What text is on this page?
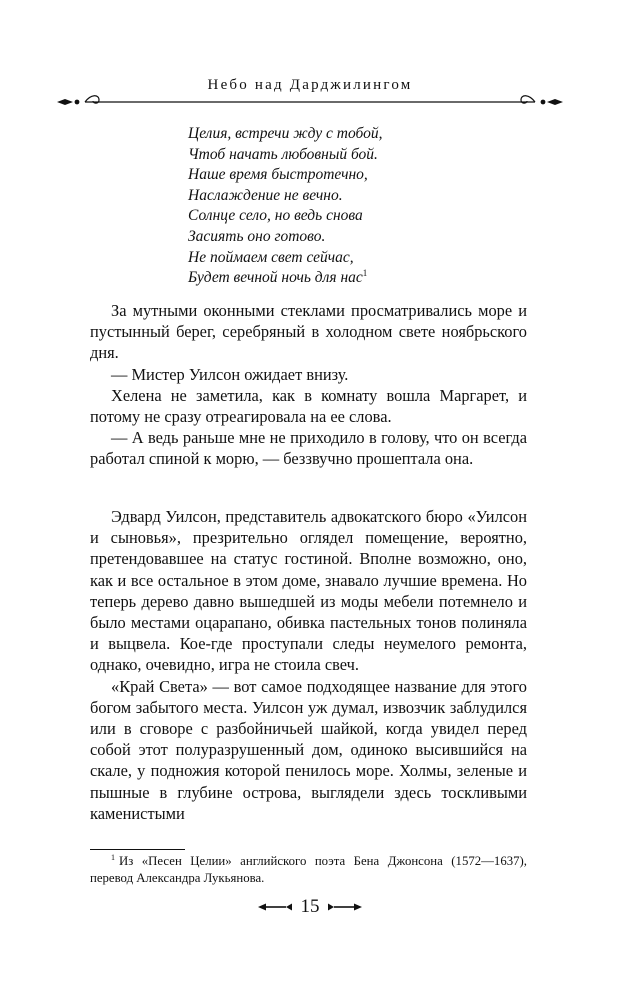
Небо над Дарджилингом
Целия, встречи жду с тобой,
Чтоб начать любовный бой.
Наше время быстротечно,
Наслаждение не вечно.
Солнце село, но ведь снова
Засиять оно готово.
Не поймаем свет сейчас,
Будет вечной ночь для нас$^1$

За мутными оконными стеклами просматривались море и пустынный берег, серебряный в холодном свете ноябрьского дня.

— Мистер Уилсон ожидает внизу.

Хелена не заметила, как в комнату вошла Маргарет, и потому не сразу отреагировала на ее слова.

— А ведь раньше мне не приходило в голову, что он всегда работал спиной к морю, — беззвучно прошептала она.

Эдвард Уилсон, представитель адвокатского бюро «Уилсон и сыновья», презрительно оглядел помещение, вероятно, претендовавшее на статус гостиной. Вполне возможно, оно, как и все остальное в этом доме, знавало лучшие времена. Но теперь дерево давно вышедшей из моды мебели потемнело и было местами оцарапано, обивка пастельных тонов полиняла и выцвела. Кое-где проступали следы неумелого ремонта, однако, очевидно, игра не стоила свеч.

«Край Света» — вот самое подходящее название для этого богом забытого места. Уилсон уж думал, извозчик заблудился или в сговоре с разбойничьей шайкой, когда увидел перед собой этот полуразрушенный дом, одиноко высившийся на скале, у подножия которой пенилось море. Холмы, зеленые и пышные в глубине острова, выглядели здесь тоскливыми каменистыми

$^1$ Из «Песен Целии» английского поэта Бена Джонсона (1572—1637), перевод Александра Лукьянова.
15
